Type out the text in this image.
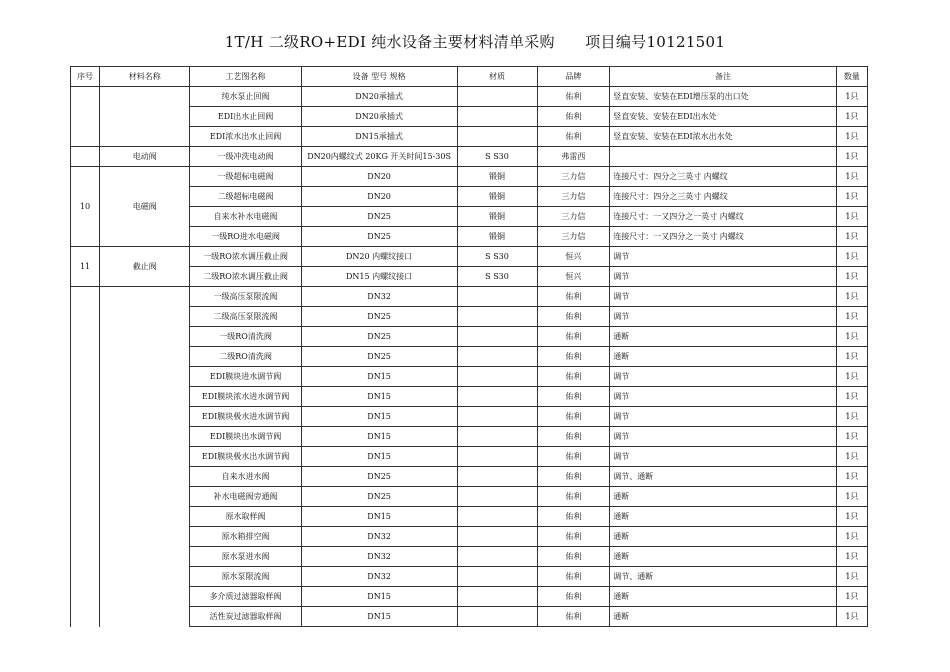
1T/H 二级RO+EDI 纯水设备主要材料清单采购      项目编号10121501
序号	材料名称	工艺图名称	设备 型号 规格	材质	品牌	备注	数量
		纯水泵止回阀	DN20承插式		佑利	竖直安装、安装在EDI增压泵的出口处	1只
		EDI出水止回阀	DN20承插式		佑利	竖直安装、安装在EDI出水处	1只
		EDI浓水出水止回阀	DN15承插式		佑利	竖直安装、安装在EDI浓水出水处	1只
	电动阀	一级冲洗电动阀	DN20内螺纹式 20KG 开关时间15-30S	S S30	弗雷西		1只
10	电磁阀	一级超标电磁阀	DN20	锻铜	三力信	连接尺寸：四分之三英寸 内螺纹	1只
		二级超标电磁阀	DN20	锻铜	三力信	连接尺寸：四分之三英寸 内螺纹	1只
		自来水补水电磁阀	DN25	锻铜	三力信	连接尺寸：一又四分之一英寸 内螺纹	1只
		一级RO进水电磁阀	DN25	锻铜	三力信	连接尺寸：一又四分之一英寸 内螺纹	1只
11	截止阀	一级RO浓水调压截止阀	DN20 内螺纹接口	S S30	恒兴	调节	1只
		二级RO浓水调压截止阀	DN15 内螺纹接口	S S30	恒兴	调节	1只
		一级高压泵限流阀	DN32		佑利	调节	1只
		二级高压泵限流阀	DN25		佑利	调节	1只
		一级RO清洗阀	DN25		佑利	通断	1只
		二级RO清洗阀	DN25		佑利	通断	1只
		EDI膜块进水调节阀	DN15		佑利	调节	1只
		EDI膜块浓水进水调节阀	DN15		佑利	调节	1只
		EDI膜块极水进水调节阀	DN15		佑利	调节	1只
		EDI膜块出水调节阀	DN15		佑利	调节	1只
		EDI膜块极水出水调节阀	DN15		佑利	调节	1只
		自来水进水阀	DN25		佑利	调节、通断	1只
		补水电磁阀旁通阀	DN25		佑利	通断	1只
		原水取样阀	DN15		佑利	通断	1只
		原水箱排空阀	DN32		佑利	通断	1只
		原水泵进水阀	DN32		佑利	通断	1只
		原水泵限流阀	DN32		佑利	调节、通断	1只
		多介质过滤器取样阀	DN15		佑利	通断	1只
		活性炭过滤器取样阀	DN15		佑利	通断	1只
